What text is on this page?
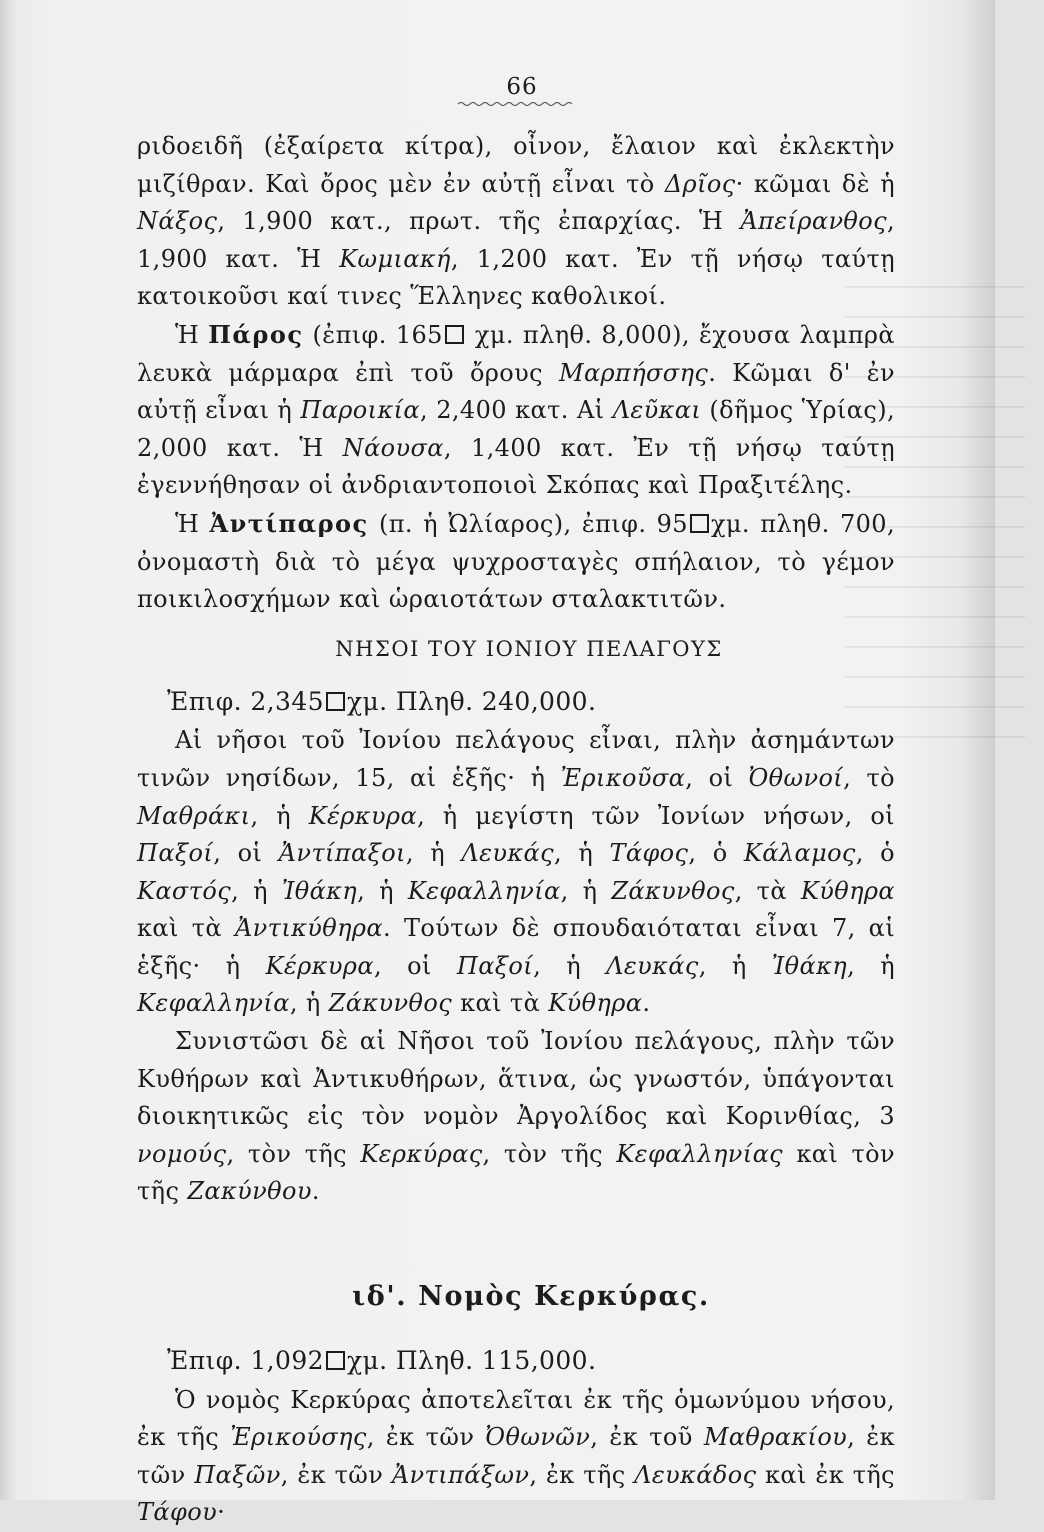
―――――――――
―――――――――
―――――――――
―――――――――
―――――――――
―――――――――
―――――――――
―――――――――
―――――――――
―――――――――
―――――――――
―――――――――
―――――――――
―――――――――
―――――――――
―――――――――
66

ριδοειδῆ (ἐξαίρετα κίτρα), οἶνον, ἔλαιον καὶ ἐκλεκτὴν μιζίθραν. Καὶ ὄρος μὲν ἐν αὐτῇ εἶναι τὸ Δρῖος· κῶμαι δὲ ἡ Νάξος, 1,900 κατ., πρωτ. τῆς ἐπαρχίας. Ἡ Ἀπείρανθος, 1,900 κατ. Ἡ Κωμιακή, 1,200 κατ. Ἐν τῇ νήσῳ ταύτῃ κατοικοῦσι καί τινες Ἕλληνες καθολικοί.

Ἡ Πάρος (ἐπιφ. 165 χμ. πληθ. 8,000), ἔχουσα λαμπρὰ λευκὰ μάρμαρα ἐπὶ τοῦ ὄρους Μαρπήσσης. Κῶμαι δ' ἐν αὐτῇ εἶναι ἡ Παροικία, 2,400 κατ. Αἱ Λεῦκαι (δῆμος Ὑρίας), 2,000 κατ. Ἡ Νάουσα, 1,400 κατ. Ἐν τῇ νήσῳ ταύτῃ ἐγεννήθησαν οἱ ἀνδριαντοποιοὶ Σκόπας καὶ Πραξιτέλης.

Ἡ Ἀντίπαρος (π. ἡ Ὠλίαρος), ἐπιφ. 95 χμ. πληθ. 700, ὀνομαστὴ διὰ τὸ μέγα ψυχροσταγὲς σπήλαιον, τὸ γέμον ποικιλοσχήμων καὶ ὡραιοτάτων σταλακτιτῶν.

ΝΗΣΟΙ ΤΟΥ ΙΟΝΙΟΥ ΠΕΛΑΓΟΥΣ

Ἐπιφ. 2,345 χμ. Πληθ. 240,000.

Αἱ νῆσοι τοῦ Ἰονίου πελάγους εἶναι, πλὴν ἀσημάντων τινῶν νησίδων, 15, αἱ ἑξῆς· ἡ Ἐρικοῦσα, οἱ Ὀθωνοί, τὸ Μαθράκι, ἡ Κέρκυρα, ἡ μεγίστη τῶν Ἰονίων νήσων, οἱ Παξοί, οἱ Ἀντίπαξοι, ἡ Λευκάς, ἡ Τάφος, ὁ Κάλαμος, ὁ Καστός, ἡ Ἰθάκη, ἡ Κεφαλληνία, ἡ Ζάκυνθος, τὰ Κύθηρα καὶ τὰ Ἀντικύθηρα. Τούτων δὲ σπουδαιόταται εἶναι 7, αἱ ἑξῆς· ἡ Κέρκυρα, οἱ Παξοί, ἡ Λευκάς, ἡ Ἰθάκη, ἡ Κεφαλληνία, ἡ Ζάκυνθος καὶ τὰ Κύθηρα.

Συνιστῶσι δὲ αἱ Νῆσοι τοῦ Ἰονίου πελάγους, πλὴν τῶν Κυθήρων καὶ Ἀντικυθήρων, ἅτινα, ὡς γνωστόν, ὑπάγονται διοικητικῶς εἰς τὸν νομὸν Ἀργολίδος καὶ Κορινθίας, 3 νομούς, τὸν τῆς Κερκύρας, τὸν τῆς Κεφαλληνίας καὶ τὸν τῆς Ζακύνθου.

ιδ'. Νομὸς Κερκύρας.

Ἐπιφ. 1,092 χμ. Πληθ. 115,000.

Ὁ νομὸς Κερκύρας ἀποτελεῖται ἐκ τῆς ὁμωνύμου νήσου, ἐκ τῆς Ἐρικούσης, ἐκ τῶν Ὀθωνῶν, ἐκ τοῦ Μαθρακίου, ἐκ τῶν Παξῶν, ἐκ τῶν Ἀντιπάξων, ἐκ τῆς Λευκάδος καὶ ἐκ τῆς Τάφου·
